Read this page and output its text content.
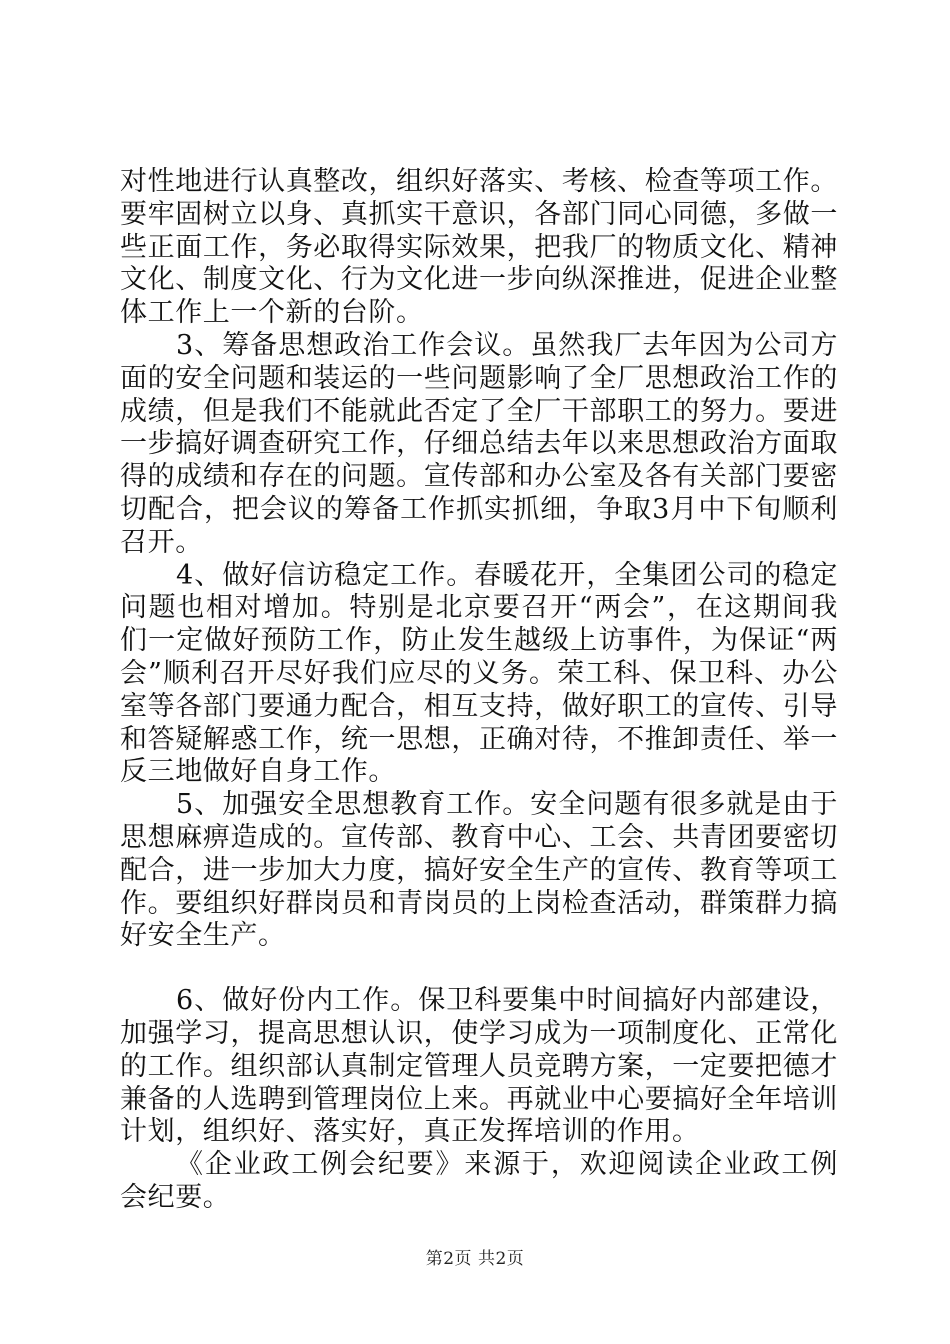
对性地进行认真整改，组织好落实、考核、检查等项工作。要牢固树立以身、真抓实干意识，各部门同心同德，多做一些正面工作，务必取得实际效果，把我厂的物质文化、精神文化、制度文化、行为文化进一步向纵深推进，促进企业整体工作上一个新的台阶。

3、筹备思想政治工作会议。虽然我厂去年因为公司方面的安全问题和装运的一些问题影响了全厂思想政治工作的成绩，但是我们不能就此否定了全厂干部职工的努力。要进一步搞好调查研究工作，仔细总结去年以来思想政治方面取得的成绩和存在的问题。宣传部和办公室及各有关部门要密切配合，把会议的筹备工作抓实抓细，争取3月中下旬顺利召开。

4、做好信访稳定工作。春暖花开，全集团公司的稳定问题也相对增加。特别是北京要召开“两会”，在这期间我们一定做好预防工作，防止发生越级上访事件，为保证“两会”顺利召开尽好我们应尽的义务。荣工科、保卫科、办公室等各部门要通力配合，相互支持，做好职工的宣传、引导和答疑解惑工作，统一思想，正确对待，不推卸责任、举一反三地做好自身工作。

5、加强安全思想教育工作。安全问题有很多就是由于思想麻痹造成的。宣传部、教育中心、工会、共青团要密切配合，进一步加大力度，搞好安全生产的宣传、教育等项工作。要组织好群岗员和青岗员的上岗检查活动，群策群力搞好安全生产。

6、做好份内工作。保卫科要集中时间搞好内部建设，加强学习，提高思想认识，使学习成为一项制度化、正常化的工作。组织部认真制定管理人员竞聘方案，一定要把德才兼备的人选聘到管理岗位上来。再就业中心要搞好全年培训计划，组织好、落实好，真正发挥培训的作用。

《企业政工例会纪要》来源于，欢迎阅读企业政工例会纪要。

第2页 共2页
